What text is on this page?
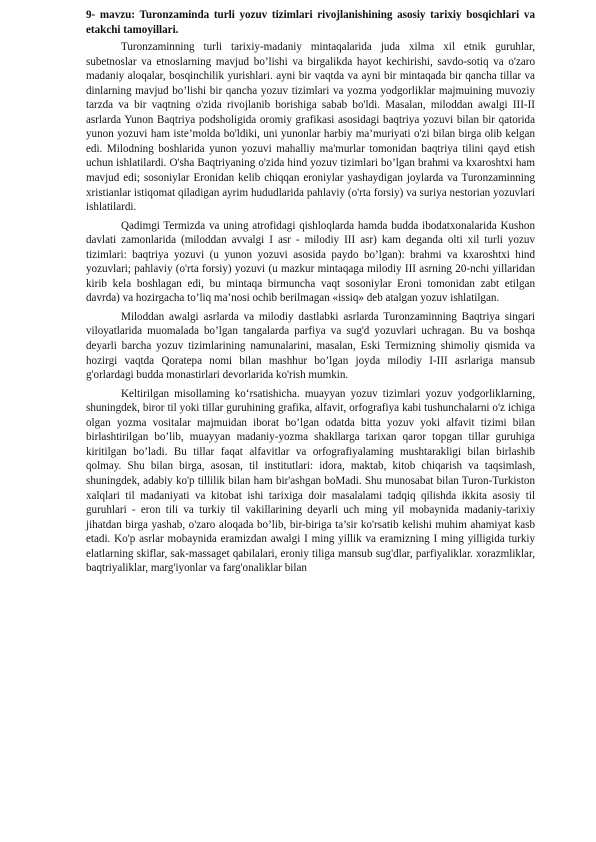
9- mavzu: Turonzaminda turli yozuv tizimlari rivojlanishining asosiy tarixiy bosqichlari va etakchi tamoyillari.

Turonzaminning turli tarixiy-madaniy mintaqalarida juda xilma xil etnik guruhlar, subetnoslar va etnoslarning mavjud bo’lishi va birgalikda hayot kechirishi, savdo-sotiq va o'zaro madaniy aloqalar, bosqinchilik yurishlari. ayni bir vaqtda va ayni bir mintaqada bir qancha tillar va dinlarning mavjud bo’lishi bir qancha yozuv tizimlari va yozma yodgorliklar majmuining muvoziy tarzda va bir vaqtning o'zida rivojlanib borishiga sabab bo'ldi. Masalan, miloddan awalgi III-II asrlarda Yunon Baqtriya podsholigida oromiy grafikasi asosidagi baqtriya yozuvi bilan bir qatorida yunon yozuvi ham iste’molda bo'ldiki, uni yunonlar harbiy ma’muriyati o'zi bilan birga olib kelgan edi. Milodning boshlarida yunon yozuvi mahalliy ma'murlar tomonidan baqtriya tilini qayd etish uchun ishlatilardi. O'sha Baqtriyaning o'zida hind yozuv tizimlari bo’lgan brahmi va kxaroshtxi ham mavjud edi; sosoniylar Eronidan kelib chiqqan eroniylar yashaydigan joylarda va Turonzaminning xristianlar istiqomat qiladigan ayrim hududlarida pahlaviy (o'rta forsiy) va suriya nestorian yozuvlari ishlatilardi.

Qadimgi Termizda va uning atrofidagi qishloqlarda hamda budda ibodatxonalarida Kushon davlati zamonlarida (miloddan avvalgi I asr - milodiy III asr) kam deganda olti xil turli yozuv tizimlari: baqtriya yozuvi (u yunon yozuvi asosida paydo bo’lgan): brahmi va kxaroshtxi hind yozuvlari; pahlaviy (o'rta forsiy) yozuvi (u mazkur mintaqaga milodiy III asrning 20-nchi yillaridan kirib kela boshlagan edi, bu mintaqa birmuncha vaqt sosoniylar Eroni tomonidan zabt etilgan davrda) va hozirgacha to’liq ma’nosi ochib berilmagan «issiq» deb atalgan yozuv ishlatilgan.

Miloddan awalgi asrlarda va milodiy dastlabki asrlarda Turonzaminning Baqtriya singari viloyatlarida muomalada bo’lgan tangalarda parfiya va sug'd yozuvlari uchragan. Bu va boshqa deyarli barcha yozuv tizimlarining namunalarini, masalan, Eski Termizning shimoliy qismida va hozirgi vaqtda Qoratepa nomi bilan mashhur bo’lgan joyda milodiy I-III asrlariga mansub g'orlardagi budda monastirlari devorlarida ko'rish mumkin.

Keltirilgan misollaming ko‘rsatishicha. muayyan yozuv tizimlari yozuv yodgorliklarning, shuningdek, biror til yoki tillar guruhining grafika, alfavit, orfografiya kabi tushunchalarni o'z ichiga olgan yozma vositalar majmuidan iborat bo’lgan odatda bitta yozuv yoki alfavit tizimi bilan birlashtirilgan bo’lib, muayyan madaniy-yozma shakllarga tarixan qaror topgan tillar guruhiga kiritilgan bo’ladi. Bu tillar faqat alfavitlar va orfografiyalaming mushtarakligi bilan birlashib qolmay. Shu bilan birga, asosan, til institutlari: idora, maktab, kitob chiqarish va taqsimlash, shuningdek, adabiy ko'p tillilik bilan ham bir'ashgan boMadi. Shu munosabat bilan Turon-Turkiston xalqlari til madaniyati va kitobat ishi tarixiga doir masalalami tadqiq qilishda ikkita asosiy til guruhlari - eron tili va turkiy til vakillarining deyarli uch ming yil mobaynida madaniy-tarixiy jihatdan birga yashab, o'zaro aloqada bo’lib, bir-biriga ta’sir ko'rsatib kelishi muhim ahamiyat kasb etadi. Ko'p asrlar mobaynida eramizdan awalgi I ming yillik va eramizning I ming yilligida turkiy elatlarning skiflar, sak-massaget qabilalari, eroniy tiliga mansub sug'dlar, parfiyaliklar. xorazmliklar, baqtriyaliklar, marg'iyonlar va farg'onaliklar bilan
